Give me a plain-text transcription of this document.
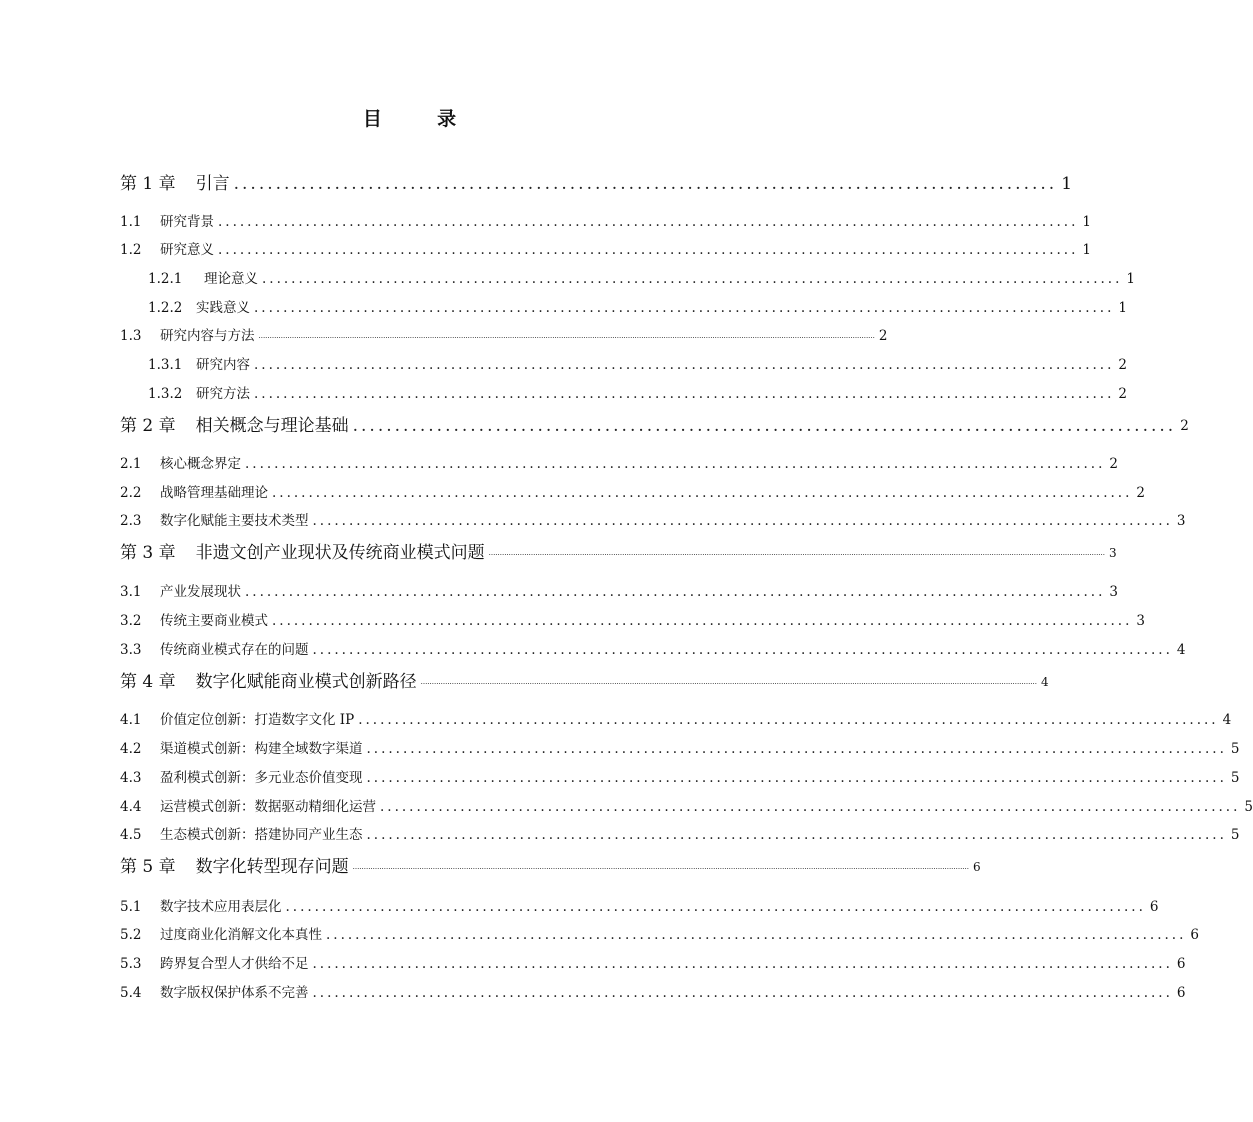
目  录
第 1 章 引言 .................................................................................................. 1
1.1 研究背景 ...................................................................................................................... 1
1.2 研究意义 ...................................................................................................................... 1
1.2.1 理论意义 ...................................................................................................................... 1
1.2.2 实践意义 ...................................................................................................................... 1
1.3 研究内容与方法 ..................................................................................................................................................................................................................................................................................... 2
1.3.1 研究内容 ...................................................................................................................... 2
1.3.2 研究方法 ...................................................................................................................... 2
第 2 章 相关概念与理论基础 .................................................................................................. 2
2.1 核心概念界定 ...................................................................................................................... 2
2.2 战略管理基础理论 ...................................................................................................................... 2
2.3 数字化赋能主要技术类型 ...................................................................................................................... 3
第 3 章 非遗文创产业现状及传统商业模式问题 ..................................................................................................................................................................................................................................................................................... 3
3.1 产业发展现状 ...................................................................................................................... 3
3.2 传统主要商业模式 ...................................................................................................................... 3
3.3 传统商业模式存在的问题 ...................................................................................................................... 4
第 4 章 数字化赋能商业模式创新路径 ..................................................................................................................................................................................................................................................................................... 4
4.1 价值定位创新：打造数字文化 IP ...................................................................................................................... 4
4.2 渠道模式创新：构建全域数字渠道 ...................................................................................................................... 5
4.3 盈利模式创新：多元业态价值变现 ...................................................................................................................... 5
4.4 运营模式创新：数据驱动精细化运营 ...................................................................................................................... 5
4.5 生态模式创新：搭建协同产业生态 ...................................................................................................................... 5
第 5 章 数字化转型现存问题 ..................................................................................................................................................................................................................................................................................... 6
5.1 数字技术应用表层化 ...................................................................................................................... 6
5.2 过度商业化消解文化本真性 ...................................................................................................................... 6
5.3 跨界复合型人才供给不足 ...................................................................................................................... 6
5.4 数字版权保护体系不完善 ...................................................................................................................... 6
